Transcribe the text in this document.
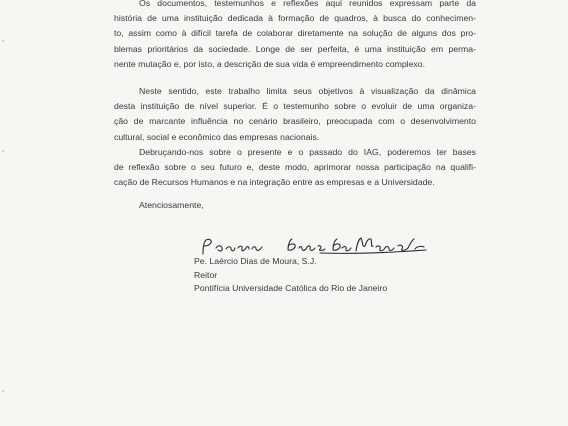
Os documentos, testemunhos e reflexões aqui reunidos expressam parte da
história de uma instituição dedicada à formação de quadros, à busca do conhecimen-
to, assim como à difícil tarefa de colaborar diretamente na solução de alguns dos pro-
blemas prioritários da sociedade. Longe de ser perfeita, é uma instituição em perma-
nente mutação e, por isto, a descrição de sua vida é empreendimento complexo.

Neste sentido, este trabalho limita seus objetivos à visualização da dinâmica
desta instituição de nível superior. É o testemunho sobre o evoluir de uma organiza-
ção de marcante influência no cenário brasileiro, preocupada com o desenvolvimento
cultural, social e econômico das empresas nacionais.

Debruçando-nos sobre o presente e o passado do IAG, poderemos ter bases
de reflexão sobre o seu futuro e, deste modo, aprimorar nossa participação na qualifi-
cação de Recursos Humanos e na integração entre as empresas e a Universidade.

Atenciosamente,
Pe. Laércio Dias de Moura, S.J.
Reitor
Pontifícia Universidade Católica do Rio de Janeiro
